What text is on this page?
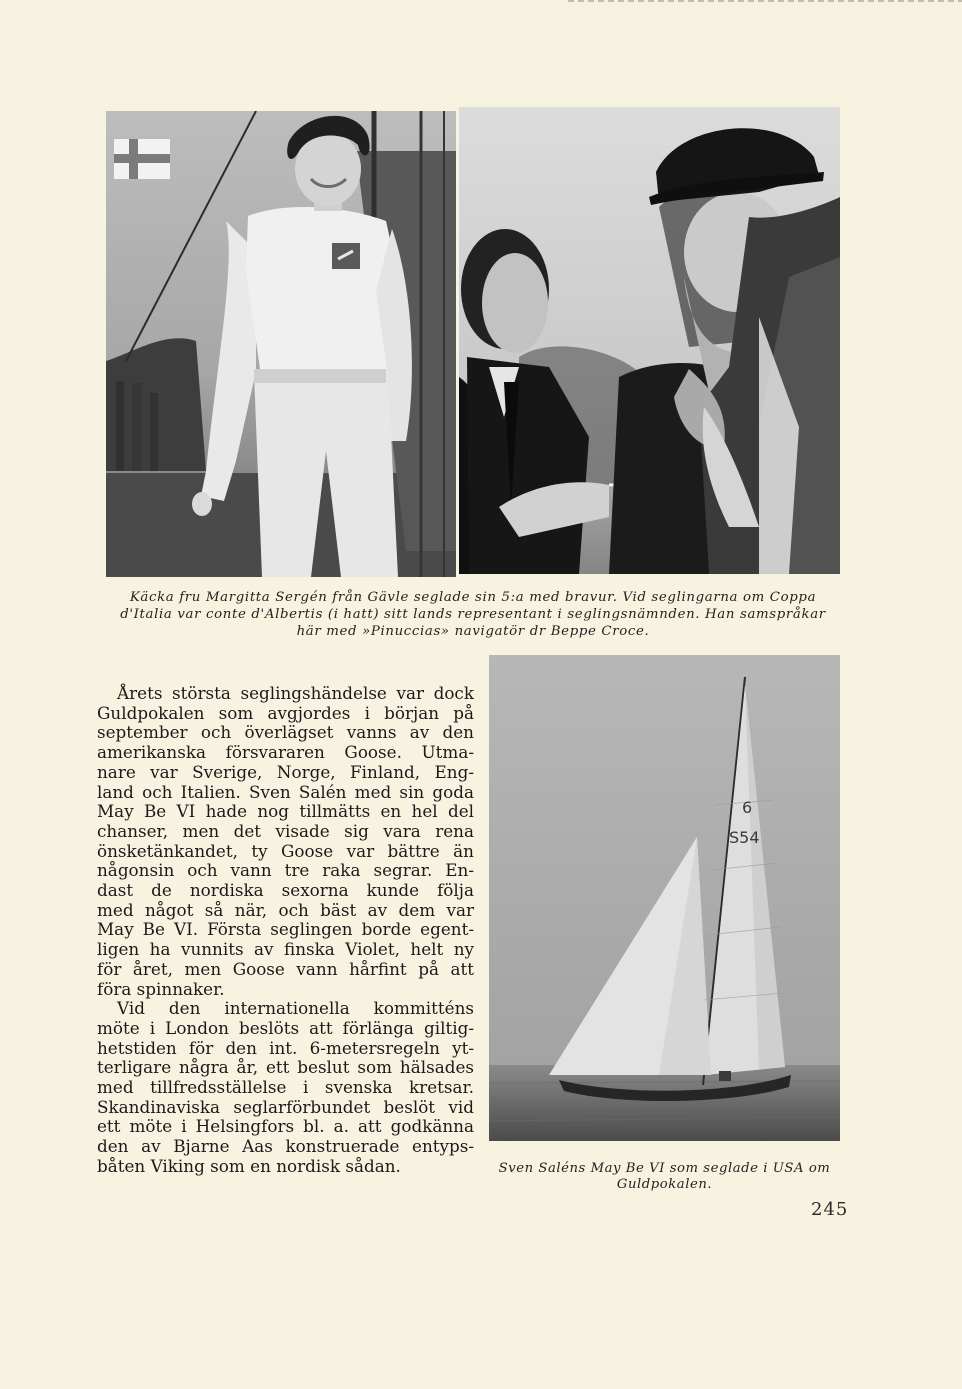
Käcka fru Margitta Sergén från Gävle seglade sin 5:a med bravur. Vid seglingarna om Coppa
d'Italia var conte d'Albertis (i hatt) sitt lands representant i seglingsnämnden. Han samspråkar
här med »Pinuccias» navigatör dr Beppe Croce.
Årets största seglingshändelse var dock
Guldpokalen som avgjordes i början på
september och överlägset vanns av den
amerikanska försvararen Goose. Utma-
nare var Sverige, Norge, Finland, Eng-
land och Italien. Sven Salén med sin goda
May Be VI hade nog tillmätts en hel del
chanser, men det visade sig vara rena
önsketänkandet, ty Goose var bättre än
någonsin och vann tre raka segrar. En-
dast de nordiska sexorna kunde följa
med något så när, och bäst av dem var
May Be VI. Första seglingen borde egent-
ligen ha vunnits av finska Violet, helt ny
för året, men Goose vann hårfint på att
föra spinnaker.
Vid den internationella kommitténs
möte i London beslöts att förlänga giltig-
hetstiden för den int. 6-metersregeln yt-
terligare några år, ett beslut som hälsades
med tillfredsställelse i svenska kretsar.
Skandinaviska seglarförbundet beslöt vid
ett möte i Helsingfors bl. a. att godkänna
den av Bjarne Aas konstruerade entyps-
båten Viking som en nordisk sådan.
6
S54
Sven Saléns May Be VI som seglade i USA om
Guldpokalen.
245
